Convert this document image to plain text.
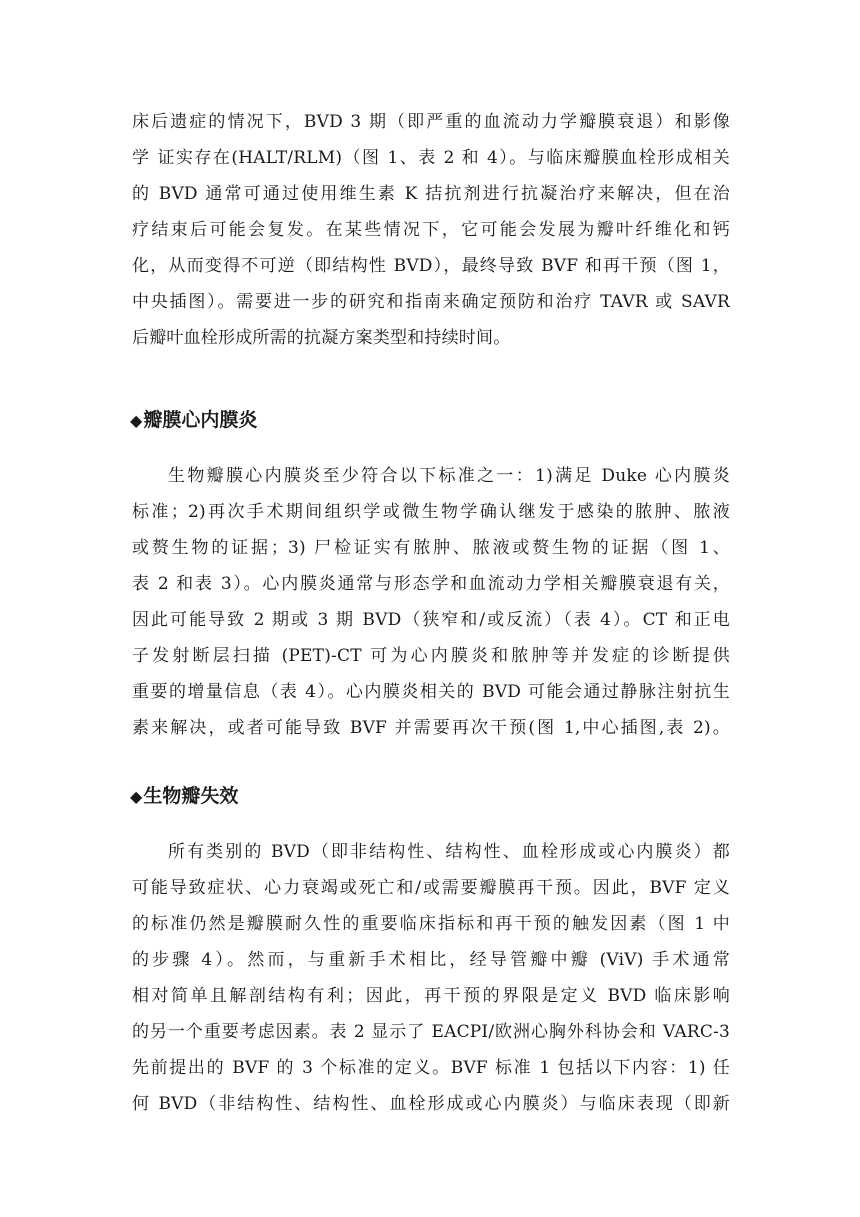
床后遗症的情况下，BVD 3 期（即严重的血流动力学瓣膜衰退）和影像
学 证实存在(HALT/RLM)（图 1、表 2 和 4）。与临床瓣膜血栓形成相关
的 BVD 通常可通过使用维生素 K 拮抗剂进行抗凝治疗来解决，但在治
疗结束后可能会复发。在某些情况下，它可能会发展为瓣叶纤维化和钙
化，从而变得不可逆（即结构性 BVD），最终导致 BVF 和再干预（图 1，
中央插图）。需要进一步的研究和指南来确定预防和治疗 TAVR 或 SAVR
后瓣叶血栓形成所需的抗凝方案类型和持续时间。
◆瓣膜心内膜炎
生物瓣膜心内膜炎至少符合以下标准之一：1)满足 Duke 心内膜炎
标准；2)再次手术期间组织学或微生物学确认继发于感染的脓肿、脓液
或赘生物的证据；3) 尸检证实有脓肿、脓液或赘生物的证据（图 1、
表 2 和表 3）。心内膜炎通常与形态学和血流动力学相关瓣膜衰退有关，
因此可能导致 2 期或 3 期 BVD（狭窄和/或反流）（表 4）。CT 和正电
子发射断层扫描 (PET)-CT 可为心内膜炎和脓肿等并发症的诊断提供
重要的增量信息（表 4）。心内膜炎相关的 BVD 可能会通过静脉注射抗生
素来解决，或者可能导致 BVF 并需要再次干预(图 1,中心插图,表 2)。
◆生物瓣失效
所有类别的 BVD（即非结构性、结构性、血栓形成或心内膜炎）都
可能导致症状、心力衰竭或死亡和/或需要瓣膜再干预。因此，BVF 定义
的标准仍然是瓣膜耐久性的重要临床指标和再干预的触发因素（图 1 中
的步骤 4）。然而，与重新手术相比，经导管瓣中瓣 (ViV) 手术通常
相对简单且解剖结构有利；因此，再干预的界限是定义 BVD 临床影响
的另一个重要考虑因素。表 2 显示了 EACPI/欧洲心胸外科协会和 VARC-3
先前提出的 BVF 的 3 个标准的定义。BVF 标准 1 包括以下内容：1) 任
何 BVD（非结构性、结构性、血栓形成或心内膜炎）与临床表现（即新
